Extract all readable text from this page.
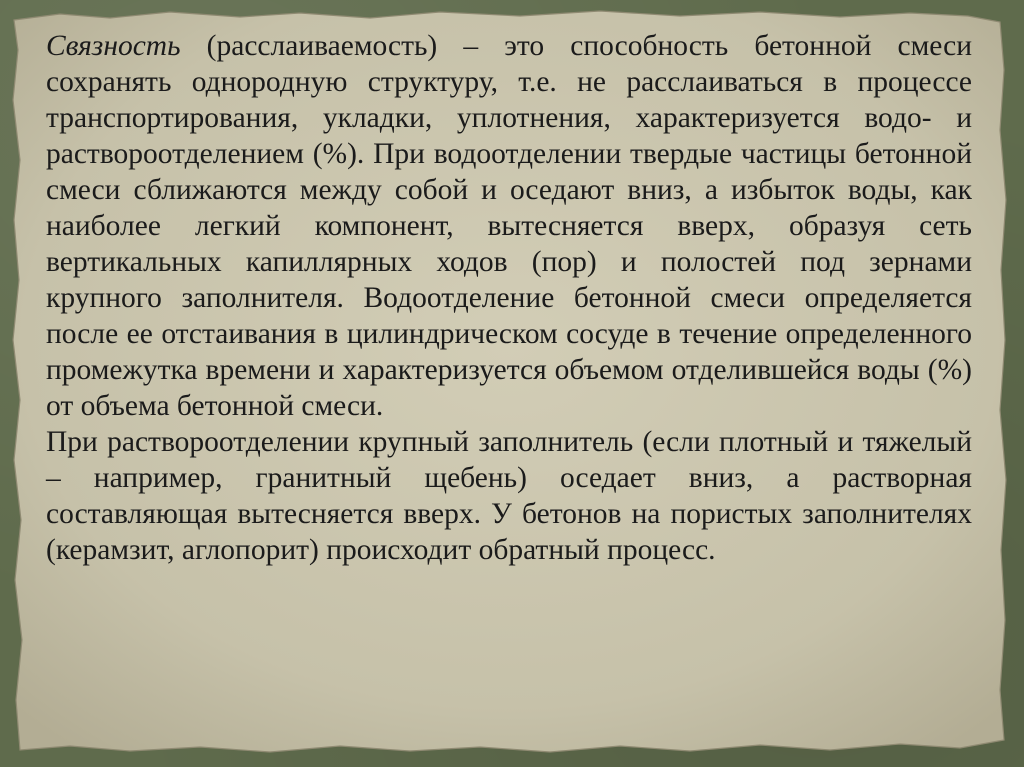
Связность (расслаиваемость) – это способность бетонной смеси сохранять однородную структуру, т.е. не расслаиваться в процессе транспортирования, укладки, уплотнения, характеризуется водо- и раствороотделением (%). При водоотделении твердые частицы бетонной смеси сближаются между собой и оседают вниз, а избыток воды, как наиболее легкий компонент, вытесняется вверх, образуя сеть вертикальных капиллярных ходов (пор) и полостей под зернами крупного заполнителя. Водоотделение бетонной смеси определяется после ее отстаивания в цилиндрическом сосуде в течение определенного промежутка времени и характеризуется объемом отделившейся воды (%) от объема бетонной смеси.

При раствороотделении крупный заполнитель (если плотный и тяжелый – например, гранитный щебень) оседает вниз, а растворная составляющая вытесняется вверх. У бетонов на пористых заполнителях (керамзит, аглопорит) происходит обратный процесс.
